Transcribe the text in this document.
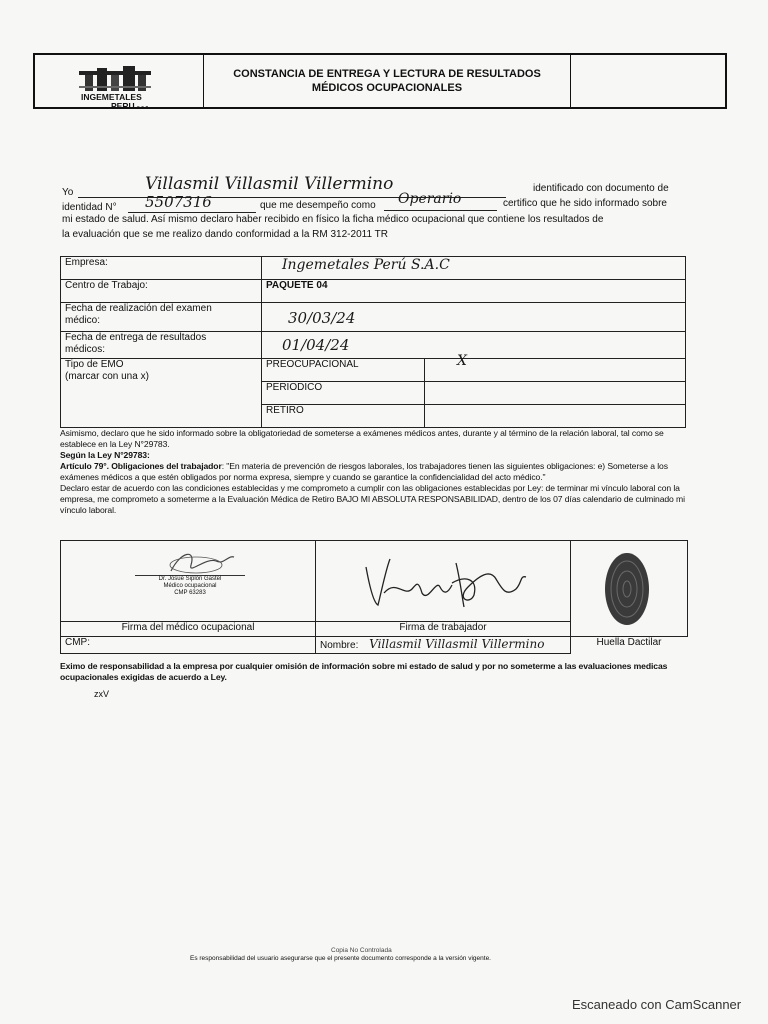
INGEMETALES
PERU s.a.c
CONSTANCIA DE ENTREGA Y LECTURA DE RESULTADOS
MÉDICOS OCUPACIONALES
Yo	Villasmil Villasmil Villermino	identificado con documento de
identidad N° 5507316	que me desempeño como Operario	certifico que he sido informado sobre
mi estado de salud. Así mismo declaro haber recibido en físico la ficha médico ocupacional que contiene los resultados de
la evaluación que se me realizo dando conformidad a la RM 312-2011 TR
Empresa:	Ingemetales Perú S.A.C	

Centro de Trabajo:	PAQUETE 04	

Fecha de realización del examen
médico:	30/03/24	

Fecha de entrega de resultados
médicos:	01/04/24	

Tipo de EMO
(marcar con una x)	PREOCUPACIONAL	X

	PERIODICO	
	RETIRO	
Asimismo, declaro que he sido informado sobre la obligatoriedad de someterse a exámenes médicos antes, durante y al término de la relación laboral, tal como se establece en la Ley N°29783.
Según la Ley N°29783:
Artículo 79°. Obligaciones del trabajador: "En materia de prevención de riesgos laborales, los trabajadores tienen las siguientes obligaciones: e) Someterse a los exámenes médicos a que estén obligados por norma expresa, siempre y cuando se garantice la confidencialidad del acto médico."
Declaro estar de acuerdo con las condiciones establecidas y me comprometo a cumplir con las obligaciones establecidas por Ley: de terminar mi vínculo laboral con la empresa, me comprometo a someterme a la Evaluación Médica de Retiro BAJO MI ABSOLUTA RESPONSABILIDAD, dentro de los 07 días calendario de culminado mi vínculo laboral.
Dr. Josue Siplón Gastel
Médico ocupacional
CMP 63283		Huella Dactilar

Firma del médico ocupacional	Firma de trabajador	
CMP:	Nombre: Villasmil Villasmil Villermino	
Eximo de responsabilidad a la empresa por cualquier omisión de información sobre mi estado de salud y por no someterme a las evaluaciones medicas ocupacionales exigidas de acuerdo a Ley.
zxV
Copia No Controlada
Es responsabilidad del usuario asegurarse que el presente documento corresponde a la versión vigente.
Escaneado con CamScanner
